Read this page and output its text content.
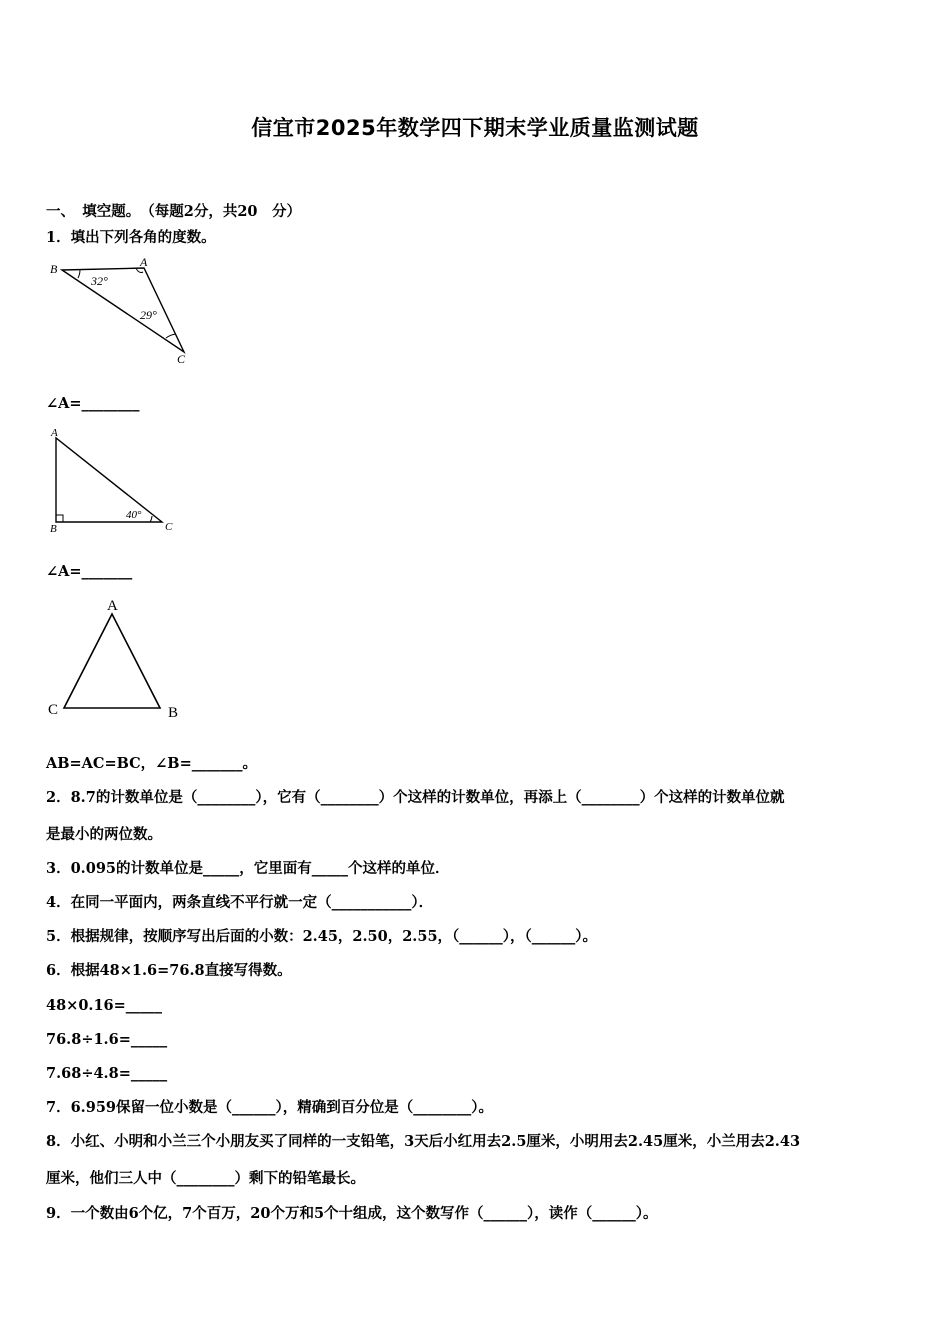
信宜市2025年数学四下期末学业质量监测试题
一、　填空题。　（每题2分，共20　分）
1．填出下列各角的度数。
B	A
C
32°
29°
∠A=________
A
B	C
40°
∠A=_______
A
C	B
AB=AC=BC，∠B=_______。
2．8.7的计数单位是（________），它有（________）个这样的计数单位，再添上（________）个这样的计数单位就
是最小的两位数。
3．0.095的计数单位是_____，它里面有_____个这样的单位．
4．在同一平面内，两条直线不平行就一定（___________）．
5．根据规律，按顺序写出后面的小数：2.45，2.50，2.55，（______），（______）。
6．根据48×1.6=76.8直接写得数。
48×0.16=_____
76.8÷1.6=_____
7.68÷4.8=_____
7．6.959保留一位小数是（______），精确到百分位是（________）。
8．小红、小明和小兰三个小朋友买了同样的一支铅笔，3天后小红用去2.5厘米，小明用去2.45厘米，小兰用去2.43
厘米，他们三人中（________）剩下的铅笔最长。
9．一个数由6个亿，7个百万，20个万和5个十组成，这个数写作（______），读作（______）。
